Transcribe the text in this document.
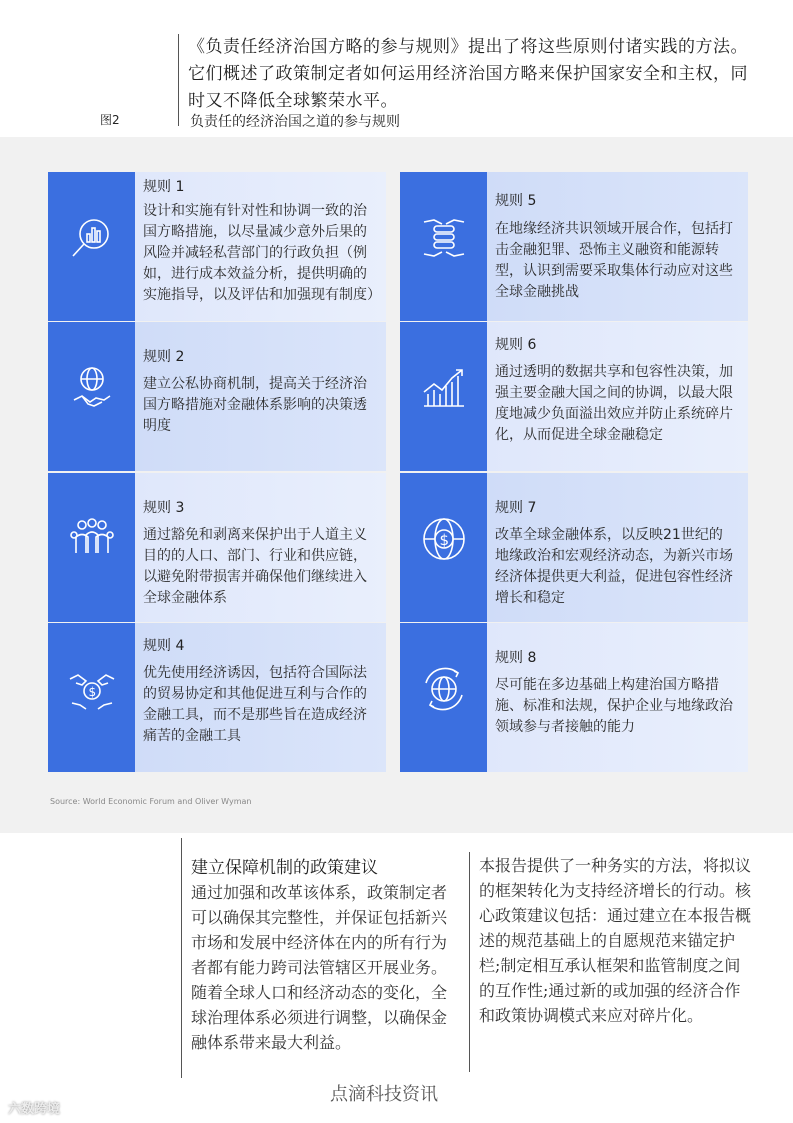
《负责任经济治国方略的参与规则》提出了将这些原则付诸实践的方法。它们概述了政策制定者如何运用经济治国方略来保护国家安全和主权，同时又不降低全球繁荣水平。
图2	负责任的经济治国之道的参与规则
规则 1
设计和实施有针对性和协调一致的治国方略措施，以尽量减少意外后果的风险并减轻私营部门的行政负担（例如，进行成本效益分析，提供明确的实施指导，以及评估和加强现有制度）
规则 2
建立公私协商机制，提高关于经济治国方略措施对金融体系影响的决策透明度
规则 3
通过豁免和剥离来保护出于人道主义目的的人口、部门、行业和供应链，以避免附带损害并确保他们继续进入全球金融体系
$
规则 4
优先使用经济诱因，包括符合国际法的贸易协定和其他促进互利与合作的金融工具，而不是那些旨在造成经济痛苦的金融工具
规则 5
在地缘经济共识领域开展合作，包括打击金融犯罪、恐怖主义融资和能源转型，认识到需要采取集体行动应对这些全球金融挑战
规则 6
通过透明的数据共享和包容性决策，加强主要金融大国之间的协调，以最大限度地减少负面溢出效应并防止系统碎片化，从而促进全球金融稳定
$
规则 7
改革全球金融体系，以反映21世纪的地缘政治和宏观经济动态，为新兴市场经济体提供更大利益，促进包容性经济增长和稳定
规则 8
尽可能在多边基础上构建治国方略措施、标准和法规，保护企业与地缘政治领域参与者接触的能力
Source: World Economic Forum and Oliver Wyman
建立保障机制的政策建议
通过加强和改革该体系，政策制定者可以确保其完整性，并保证包括新兴市场和发展中经济体在内的所有行为者都有能力跨司法管辖区开展业务。随着全球人口和经济动态的变化，全球治理体系必须进行调整，以确保金融体系带来最大利益。
本报告提供了一种务实的方法，将拟议的框架转化为支持经济增长的行动。核心政策建议包括：通过建立在本报告概述的规范基础上的自愿规范来锚定护栏;制定相互承认框架和监管制度之间的互作性;通过新的或加强的经济合作和政策协调模式来应对碎片化。
点滴科技资讯
六数跨境
